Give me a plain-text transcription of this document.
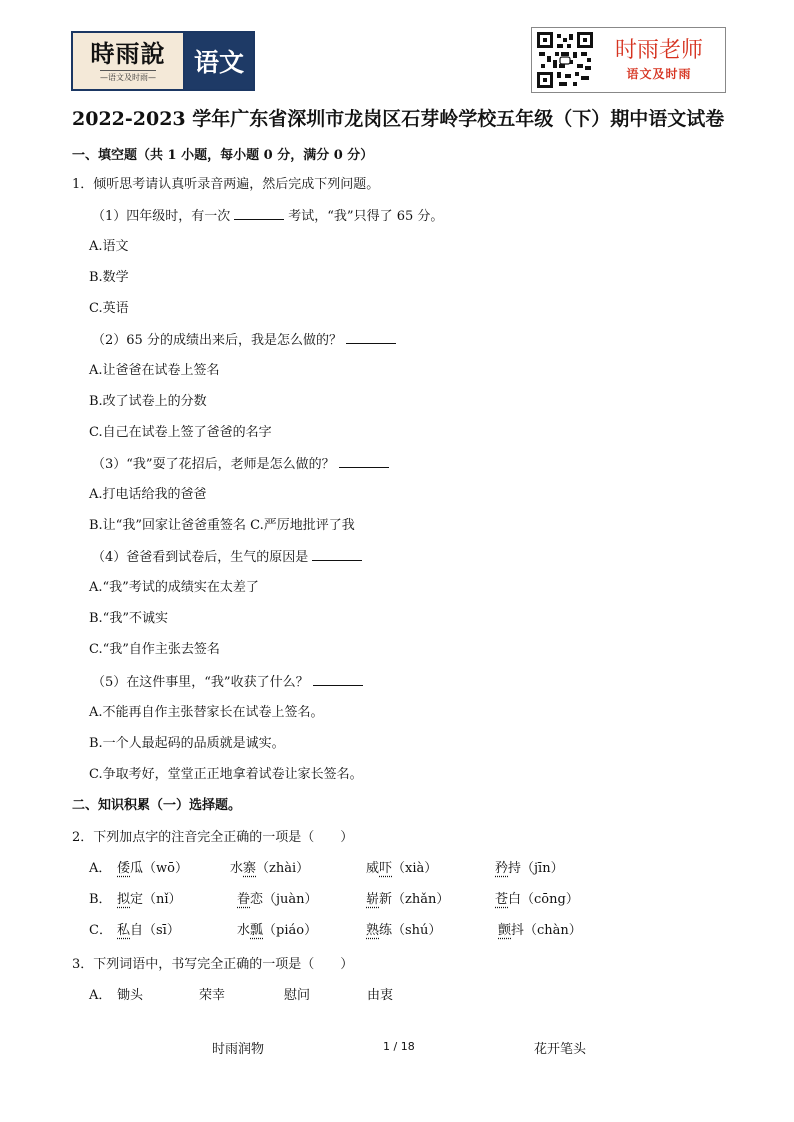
時雨說
—语文及时雨—	语文	时雨老师
语文及时雨
2022-2023 学年广东省深圳市龙岗区石芽岭学校五年级（下）期中语文试卷
一、填空题（共 1 小题，每小题 0 分，满分 0 分）
1．倾听思考请认真听录音两遍，然后完成下列问题。
（1）四年级时，有一次	考试，“我”只得了 65 分。
A.语文
B.数学
C.英语
（2）65 分的成绩出来后，我是怎么做的？
A.让爸爸在试卷上签名
B.改了试卷上的分数
C.自己在试卷上签了爸爸的名字
（3）“我”耍了花招后，老师是怎么做的？
A.打电话给我的爸爸
B.让“我”回家让爸爸重签名 C.严厉地批评了我
（4）爸爸看到试卷后，生气的原因是
A.“我”考试的成绩实在太差了
B.“我”不诚实
C.“我”自作主张去签名
（5）在这件事里，“我”收获了什么？
A.不能再自作主张替家长在试卷上签名。
B.一个人最起码的品质就是诚实。
C.争取考好，堂堂正正地拿着试卷让家长签名。
二、知识积累（一）选择题。
2．下列加点字的注音完全正确的一项是（　　）
A． 倭瓜（wō）	水寨（zhài）	威吓（xià）	矜持（jīn）
B． 拟定（nǐ）	眷恋（juàn）	崭新（zhǎn）	苍白（cōng）
C． 私自（sī）	水瓢（piáo）	熟练（shú）	颤抖（chàn）
3．下列词语中，书写完全正确的一项是（　　）
A． 锄头	荣幸	慰问	由衷
时雨润物	1 / 18	花开笔头
